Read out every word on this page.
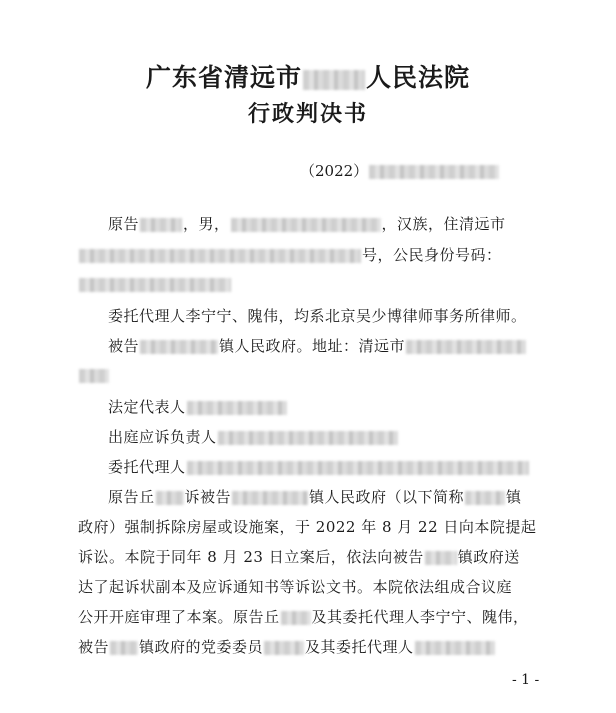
广东省清远市	人民法院
行政判决书
（2022）
原告	，男，	，汉族，住清远市
号，公民身份号码：
委托代理人李宁宁、隗伟，均系北京吴少博律师事务所律师。
被告	镇人民政府。地址：清远市
法定代表人
出庭应诉负责人
委托代理人
原告丘 诉被告	镇人民政府（以下简称	镇
政府）强制拆除房屋或设施案，于 2022 年 8 月 22 日向本院提起
诉讼。本院于同年 8 月 23 日立案后，依法向被告 镇政府送
达了起诉状副本及应诉通知书等诉讼文书。本院依法组成合议庭
公开开庭审理了本案。原告丘 及其委托代理人李宁宁、隗伟，
被告 镇政府的党委委员	及其委托代理人
- 1 -
